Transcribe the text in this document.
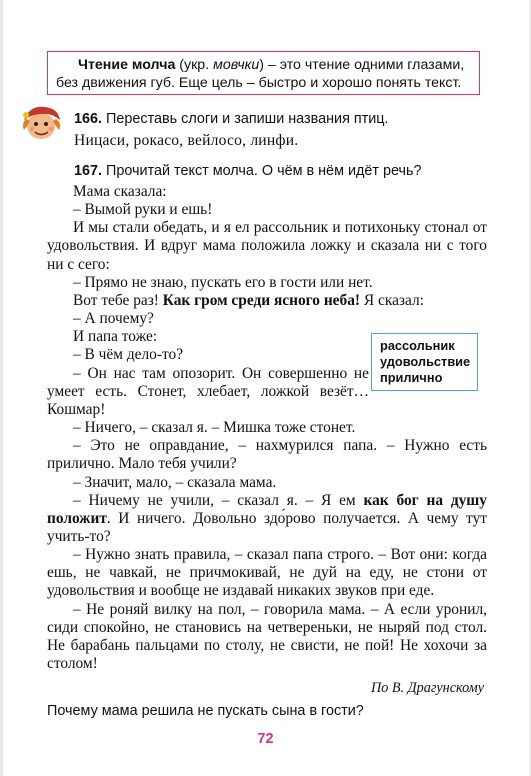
Чтение молча (укр. мовчки) – это чтение одними глазами,
без движения губ. Еще цель – быстро и хорошо понять текст.
166. Переставь слоги и запиши названия птиц.
Ницаси, рокасо, вейлосо, линфи.
167. Прочитай текст молча. О чём в нём идёт речь?

Мама сказала:

– Вымой руки и ешь!

И мы стали обедать, и я ел рассольник и потихоньку стонал от удовольствия. И вдруг мама положила ложку и сказала ни с того ни с сего:

– Прямо не знаю, пускать его в гости или нет.

Вот тебе раз! Как гром среди ясного неба! Я сказал:

– А почему?

И папа тоже:

– В чём дело-то?

– Он нас там опозорит. Он совершенно не умеет есть. Стонет, хлебает, ложкой везёт… Кошмар!

– Ничего, – сказал я. – Мишка тоже стонет.

– Это не оправдание, – нахмурился папа. – Нужно есть прилично. Мало тебя учили?

– Значит, мало, – сказала мама.

– Ничему не учили, – сказал я. – Я ем как бог на душу положит. И ничего. Довольно здо́рово получается. А чему тут учить-то?

– Нужно знать правила, – сказал папа строго. – Вот они: когда ешь, не чавкай, не причмокивай, не дуй на еду, не стони от удовольствия и вообще не издавай никаких звуков при еде.

– Не роняй вилку на пол, – говорила мама. – А если уронил, сиди спокойно, не становись на четвереньки, не ныряй под стол. Не барабань пальцами по столу, не свисти, не пой! Не хохочи за столом!

рассольник
удовольствие
прилично
По В. Драгунскому
Почему мама решила не пускать сына в гости?
72
